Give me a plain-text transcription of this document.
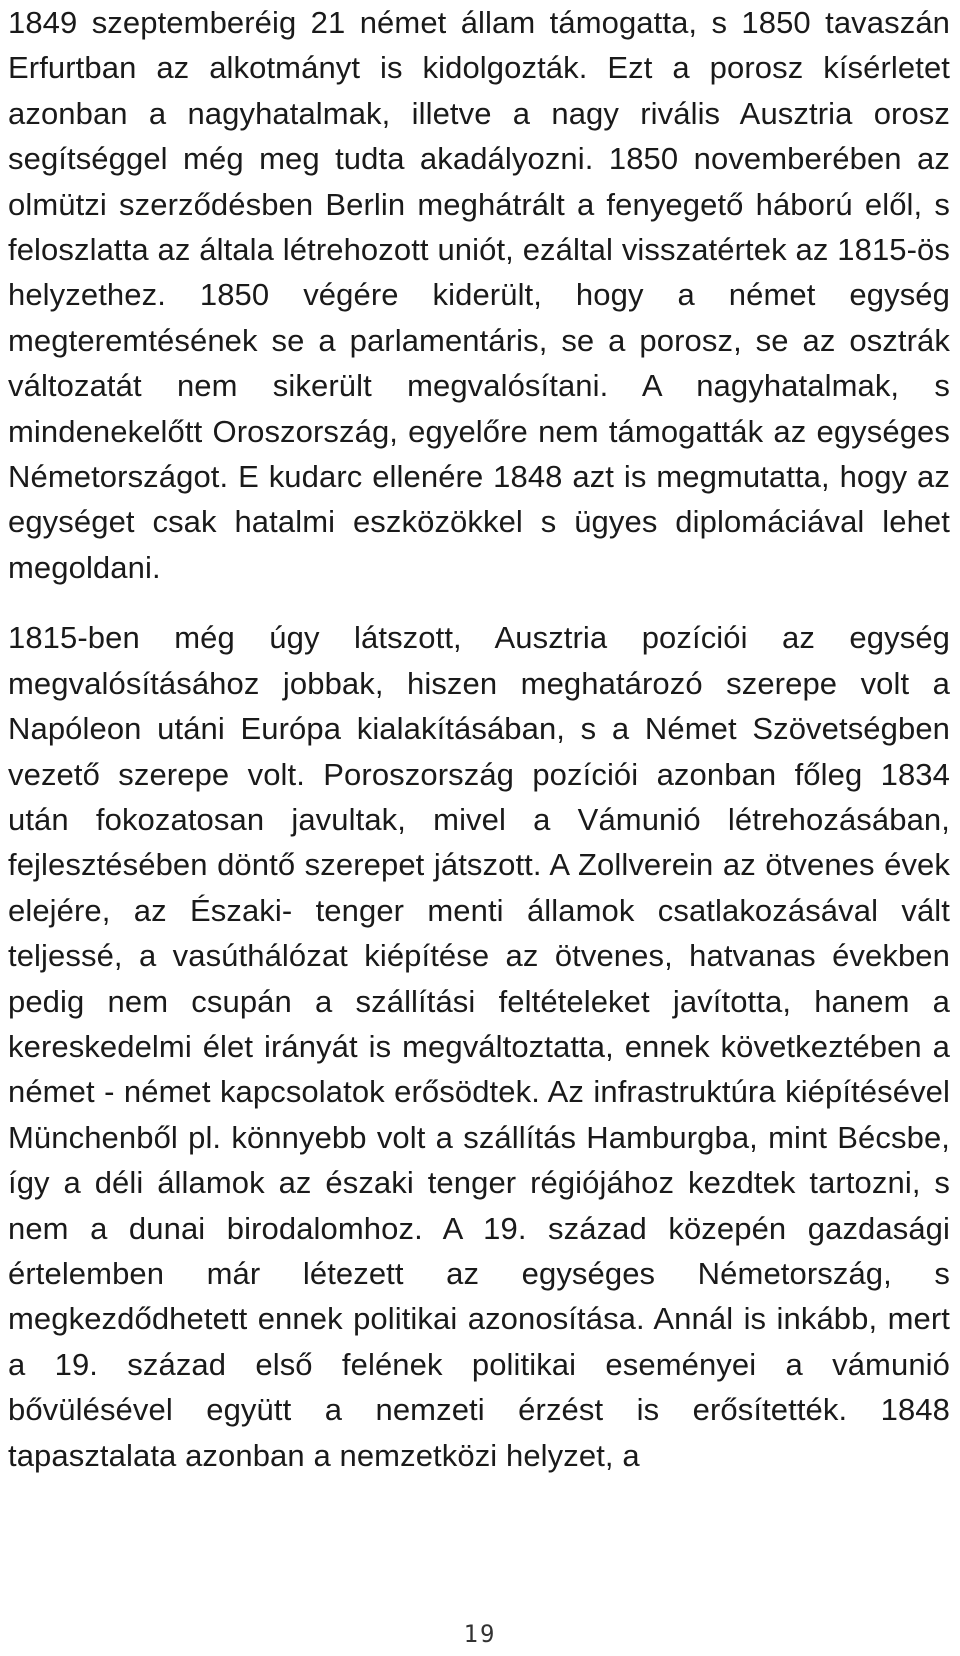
1849 szeptemberéig 21 német állam támogatta, s 1850 tavaszán Erfurtban az alkotmányt is kidolgozták. Ezt a porosz kísérletet azonban a nagyhatalmak, illetve a nagy rivális Ausztria orosz segítséggel még meg tudta akadályozni. 1850 novemberében az olmützi szerződésben Berlin meghátrált a fenyegető háború elől, s feloszlatta az általa létrehozott uniót, ezáltal visszatértek az 1815-ös helyzethez. 1850 végére kiderült, hogy a német egység megteremtésének se a parlamentáris, se a porosz, se az osztrák változatát nem sikerült megvalósítani. A nagyhatalmak, s mindenekelőtt Oroszország, egyelőre nem támogatták az egységes Németországot. E kudarc ellenére 1848 azt is megmutatta, hogy az egységet csak hatalmi eszközökkel s ügyes diplomáciával lehet megoldani.

1815-ben még úgy látszott, Ausztria pozíciói az egység megvalósításához jobbak, hiszen meghatározó szerepe volt a Napóleon utáni Európa kialakításában, s a Német Szövetségben vezető szerepe volt. Poroszország pozíciói azonban főleg 1834 után fokozatosan javultak, mivel a Vámunió létrehozásában, fejlesztésében döntő szerepet játszott. A Zollverein az ötvenes évek elejére, az Északi- tenger menti államok csatlakozásával vált teljessé, a vasúthálózat kiépítése az ötvenes, hatvanas években pedig nem csupán a szállítási feltételeket javította, hanem a kereskedelmi élet irányát is megváltoztatta, ennek következtében a német - német kapcsolatok erősödtek. Az infrastruktúra kiépítésével Münchenből pl. könnyebb volt a szállítás Hamburgba, mint Bécsbe, így a déli államok az északi tenger régiójához kezdtek tartozni, s nem a dunai birodalomhoz. A 19. század közepén gazdasági értelemben már létezett az egységes Németország, s megkezdődhetett ennek politikai azonosítása. Annál is inkább, mert a 19. század első felének politikai eseményei a vámunió bővülésével együtt a nemzeti érzést is erősítették. 1848 tapasztalata azonban a nemzetközi helyzet, a

19
